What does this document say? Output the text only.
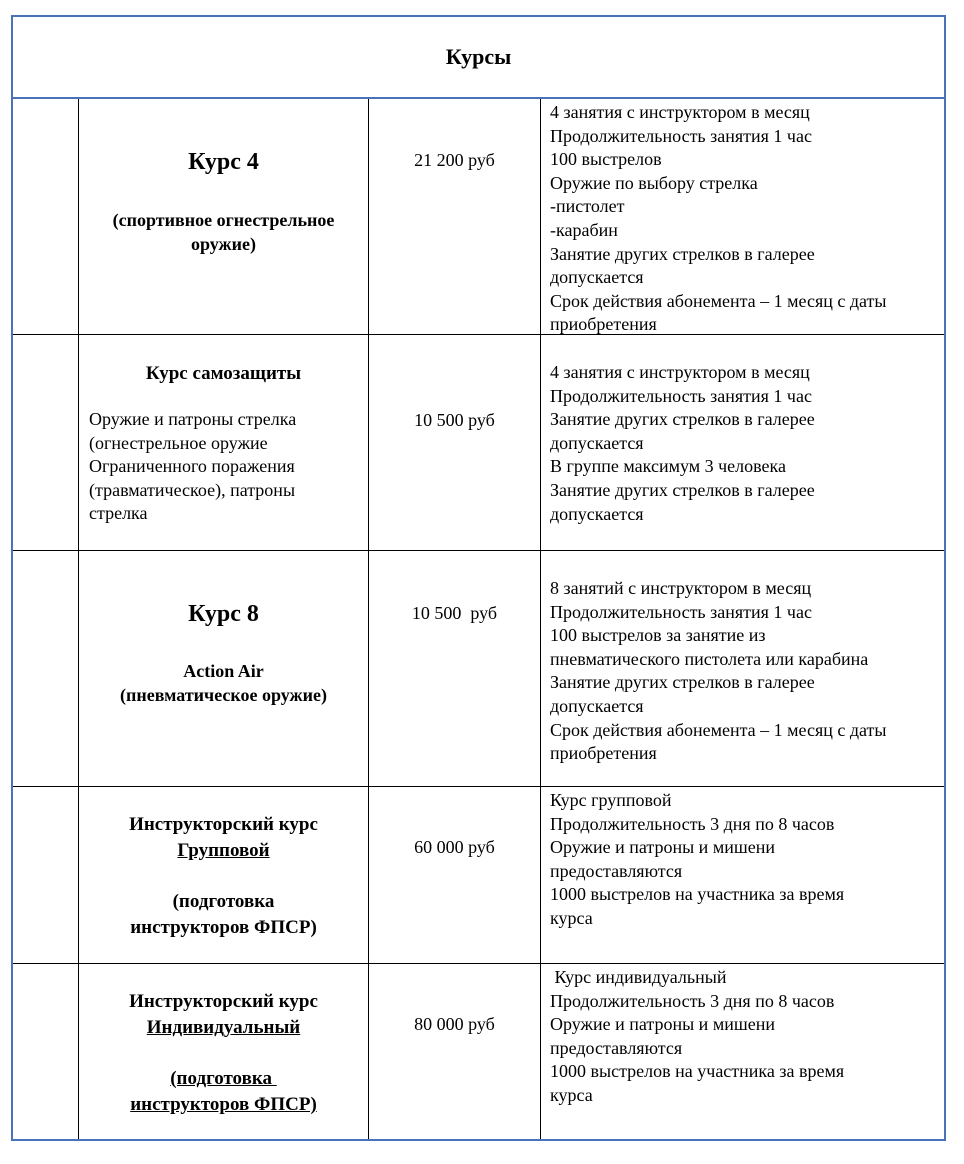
Курсы
Курс 4
(спортивное огнестрельное оружие)
21 200 руб
4 занятия с инструктором в месяц
Продолжительность занятия 1 час
100 выстрелов
Оружие по выбору стрелка
-пистолет
-карабин
Занятие других стрелков в галерее
допускается
Срок действия абонемента – 1 месяц с даты
приобретения
Курс самозащиты
Оружие и патроны стрелка
(огнестрельное оружие
Ограниченного поражения
(травматическое), патроны
стрелка
10 500 руб
4 занятия с инструктором в месяц
Продолжительность занятия 1 час
Занятие других стрелков в галерее
допускается
В группе максимум 3 человека
Занятие других стрелков в галерее
допускается
Курс 8
Action Air
(пневматическое оружие)
10 500  руб
8 занятий с инструктором в месяц
Продолжительность занятия 1 час
100 выстрелов за занятие из
пневматического пистолета или карабина
Занятие других стрелков в галерее
допускается
Срок действия абонемента – 1 месяц с даты
приобретения
Инструкторский курс
Групповой
(подготовка
инструкторов ФПСР)
60 000 руб
Курс групповой
Продолжительность 3 дня по 8 часов
Оружие и патроны и мишени
предоставляются
1000 выстрелов на участника за время
курса
Инструкторский курс
Индивидуальный
(подготовка
инструкторов ФПСР)
80 000 руб
Курс индивидуальный
Продолжительность 3 дня по 8 часов
Оружие и патроны и мишени
предоставляются
1000 выстрелов на участника за время
курса
